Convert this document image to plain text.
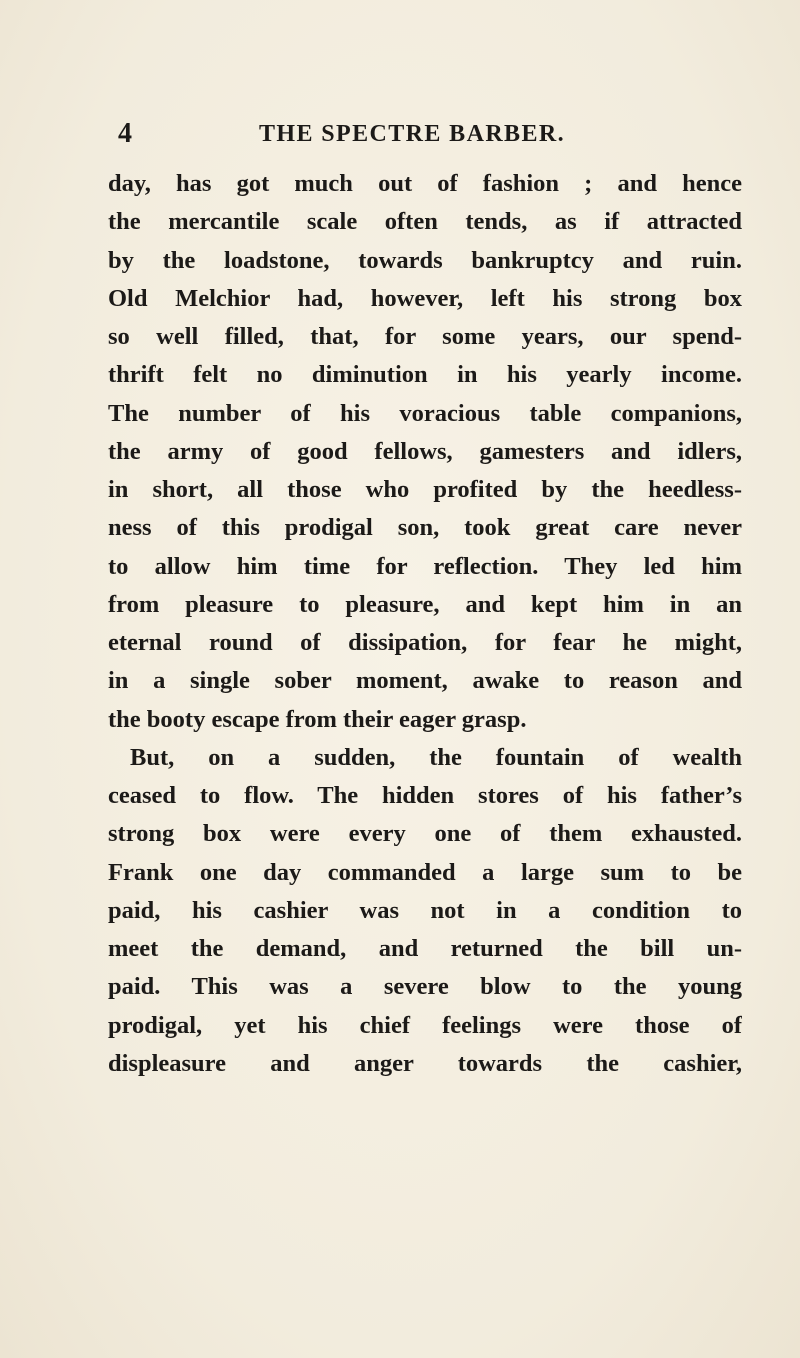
4	THE SPECTRE BARBER.
day, has got much out of fashion ; and hence
the mercantile scale often tends, as if attracted
by the loadstone, towards bankruptcy and ruin.
Old Melchior had, however, left his strong box
so well filled, that, for some years, our spend-
thrift felt no diminution in his yearly income.
The number of his voracious table companions,
the army of good fellows, gamesters and idlers,
in short, all those who profited by the heedless-
ness of this prodigal son, took great care never
to allow him time for reflection. They led him
from pleasure to pleasure, and kept him in an
eternal round of dissipation, for fear he might,
in a single sober moment, awake to reason and
the booty escape from their eager grasp.
But, on a sudden, the fountain of wealth
ceased to flow. The hidden stores of his father’s
strong box were every one of them exhausted.
Frank one day commanded a large sum to be
paid, his cashier was not in a condition to
meet the demand, and returned the bill un-
paid. This was a severe blow to the young
prodigal, yet his chief feelings were those of
displeasure and anger towards the cashier,
